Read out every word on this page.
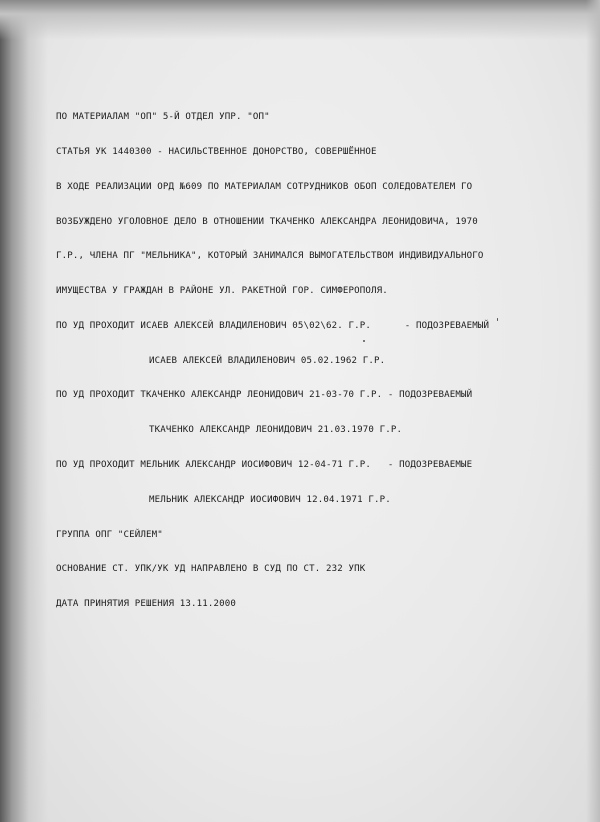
ПО МАТЕРИАЛАМ "ОП" 5-Й ОТДЕЛ УПР. "ОП"

СТАТЬЯ УК 1440300 - НАСИЛЬСТВЕННОЕ ДОНОРСТВО, СОВЕРШЁННОЕ

В ХОДЕ РЕАЛИЗАЦИИ ОРД №609 ПО МАТЕРИАЛАМ СОТРУДНИКОВ ОБОП СОЛЕДОВАТЕЛЕМ ГО

ВОЗБУЖДЕНО УГОЛОВНОЕ ДЕЛО В ОТНОШЕНИИ ТКАЧЕНКО АЛЕКСАНДРА ЛЕОНИДОВИЧА, 1970

Г.Р., ЧЛЕНА ПГ "МЕЛЬНИКА", КОТОРЫЙ ЗАНИМАЛСЯ ВЫМОГАТЕЛЬСТВОМ ИНДИВИДУАЛЬНОГО

ИМУЩЕСТВА У ГРАЖДАН В РАЙОНЕ УЛ. РАКЕТНОЙ ГОР. СИМФЕРОПОЛЯ.

ПО УД ПРОХОДИТ ИСАЕВ АЛЕКСЕЙ ВЛАДИЛЕНОВИЧ 05\02\62. Г.Р.      - ПОДОЗРЕВАЕМЫЙ

ИСАЕВ АЛЕКСЕЙ ВЛАДИЛЕНОВИЧ 05.02.1962 Г.Р.

ПО УД ПРОХОДИТ ТКАЧЕНКО АЛЕКСАНДР ЛЕОНИДОВИЧ 21-03-70 Г.Р. - ПОДОЗРЕВАЕМЫЙ

ТКАЧЕНКО АЛЕКСАНДР ЛЕОНИДОВИЧ 21.03.1970 Г.Р.

ПО УД ПРОХОДИТ МЕЛЬНИК АЛЕКСАНДР ИОСИФОВИЧ 12-04-71 Г.Р.   - ПОДОЗРЕВАЕМЫЕ

МЕЛЬНИК АЛЕКСАНДР ИОСИФОВИЧ 12.04.1971 Г.Р.

ГРУППА ОПГ "СЕЙЛЕМ"

ОСНОВАНИЕ СТ. УПК/УК УД НАПРАВЛЕНО В СУД ПО СТ. 232 УПК

ДАТА ПРИНЯТИЯ РЕШЕНИЯ 13.11.2000
